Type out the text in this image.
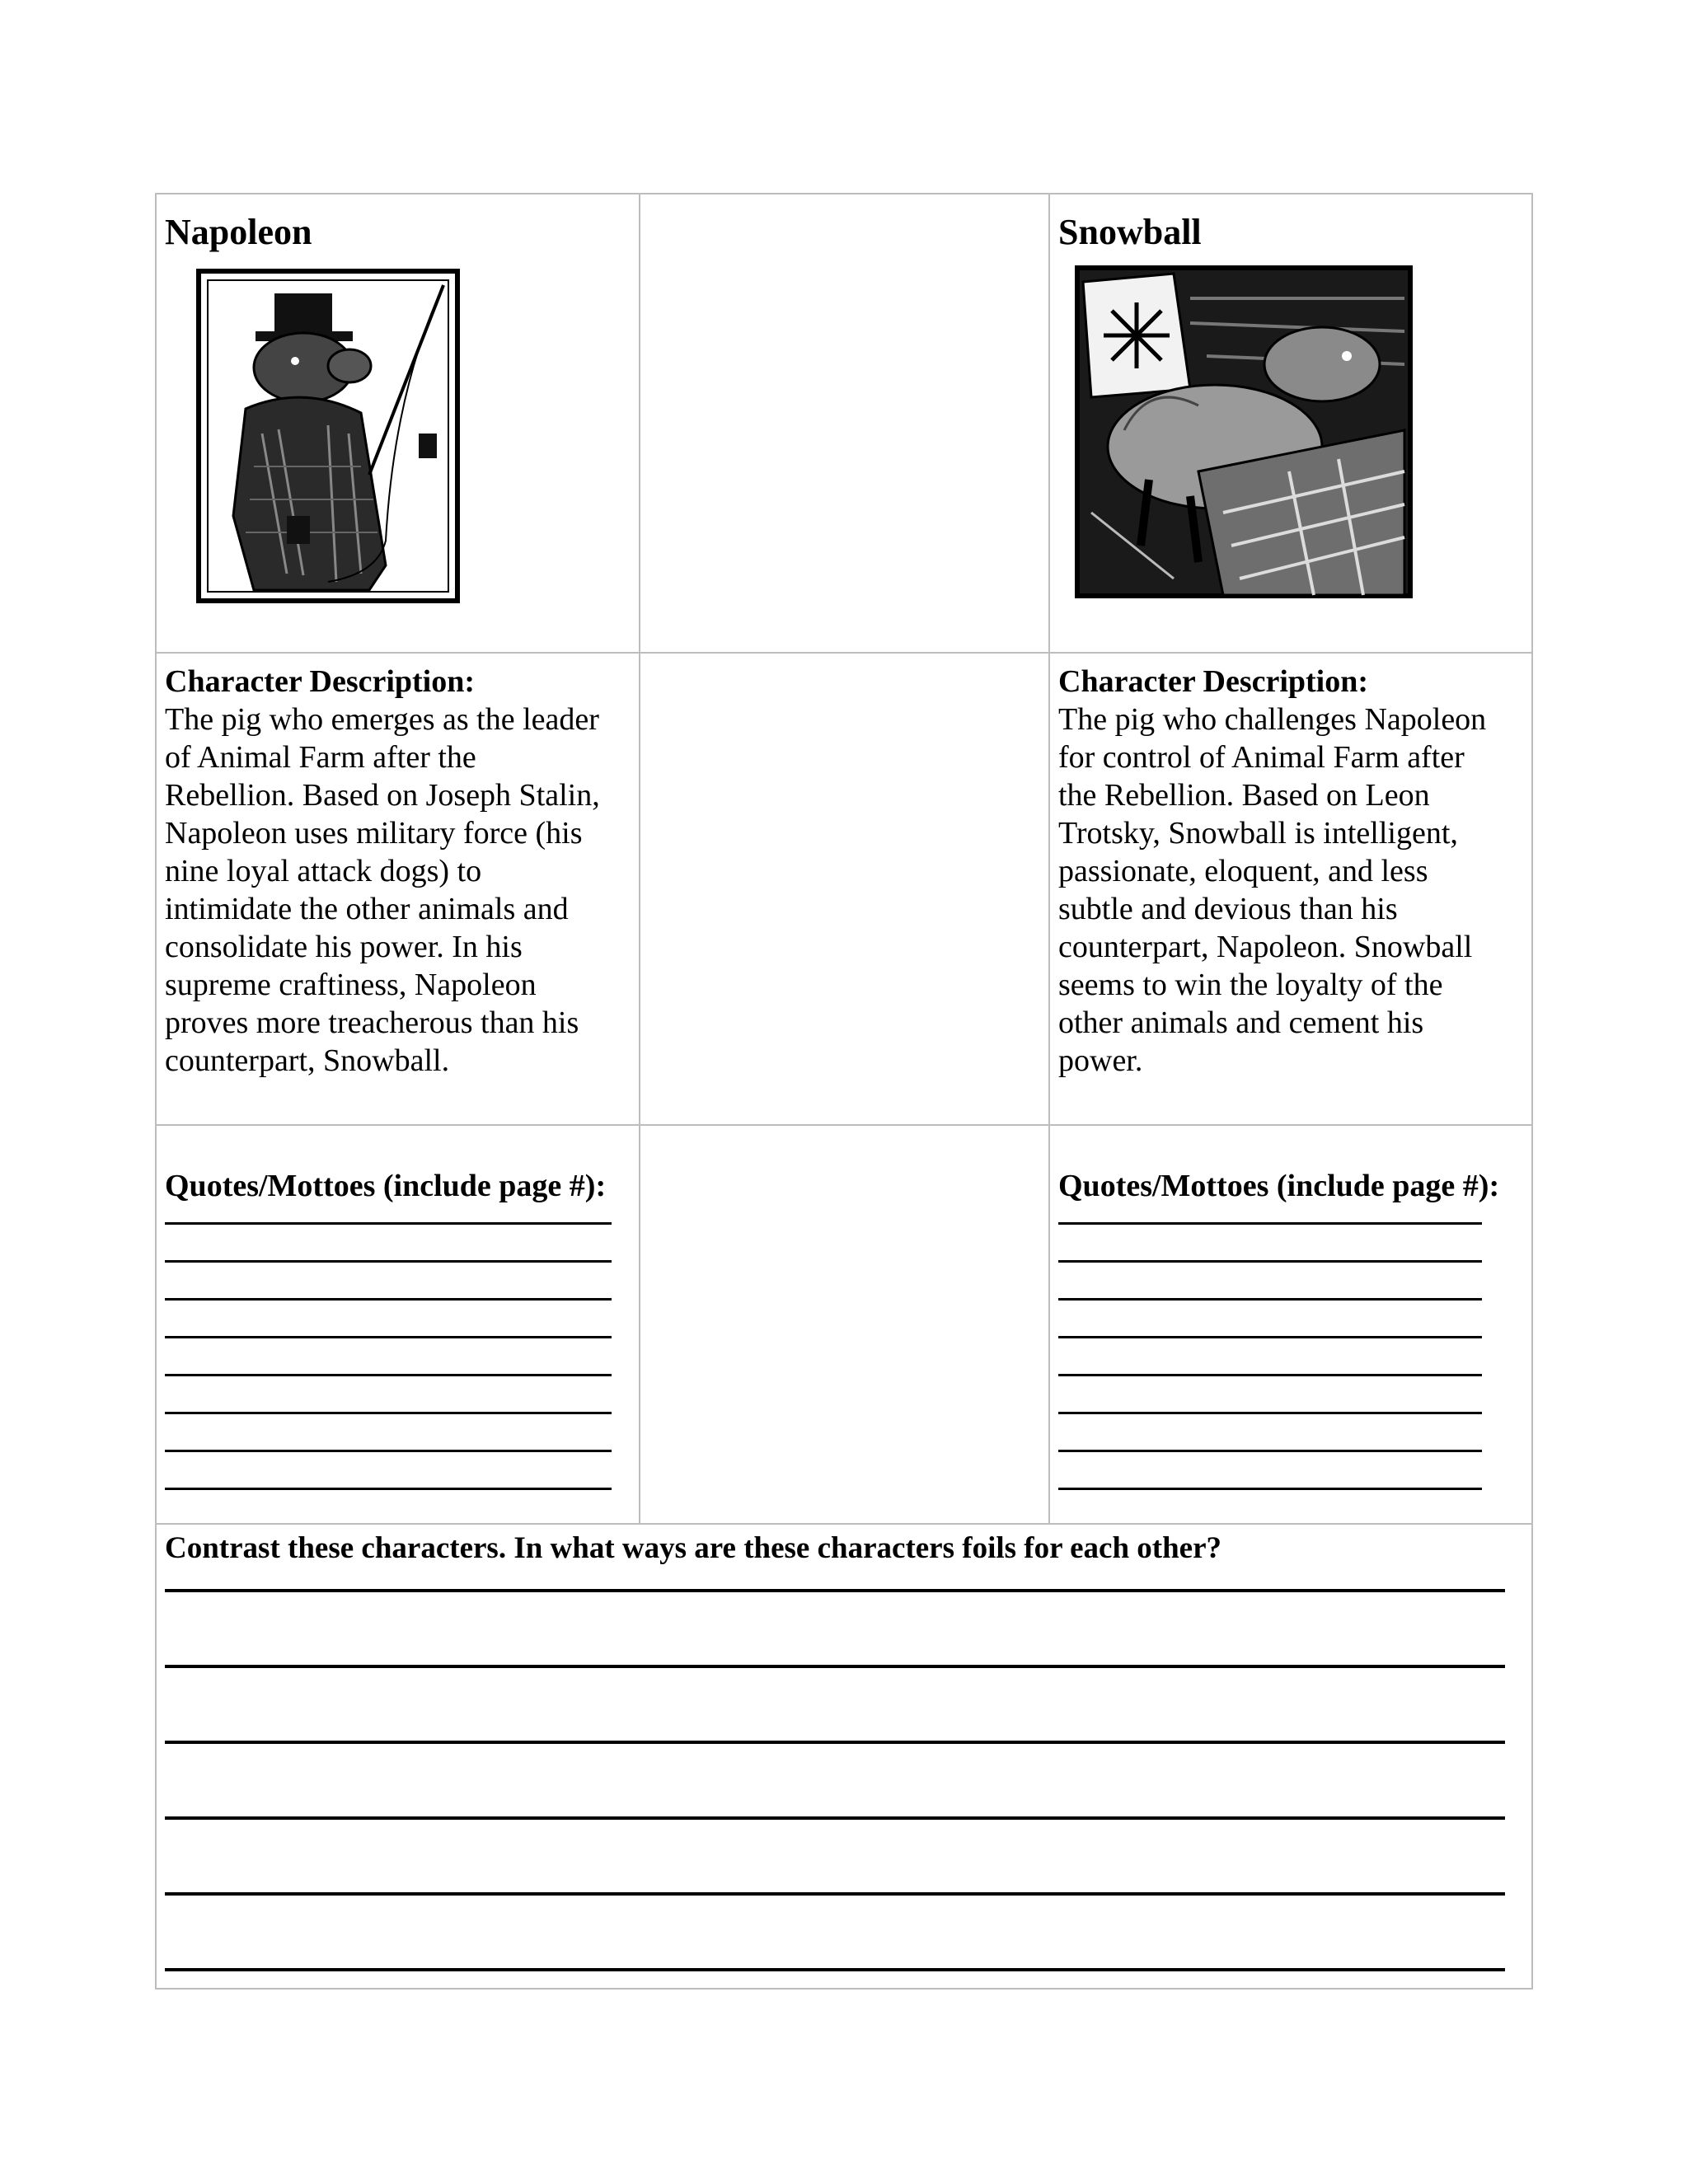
Napoleon	Snowball
Character Description:
The pig who emerges as the leader
of Animal Farm after the
Rebellion. Based on Joseph Stalin,
Napoleon uses military force (his
nine loyal attack dogs) to
intimidate the other animals and
consolidate his power. In his
supreme craftiness, Napoleon
proves more treacherous than his
counterpart, Snowball.
Character Description:
The pig who challenges Napoleon
for control of Animal Farm after
the Rebellion. Based on Leon
Trotsky, Snowball is intelligent,
passionate, eloquent, and less
subtle and devious than his
counterpart, Napoleon. Snowball
seems to win the loyalty of the
other animals and cement his
power.
Quotes/Mottoes (include page #):	Quotes/Mottoes (include page #):
Contrast these characters. In what ways are these characters foils for each other?
